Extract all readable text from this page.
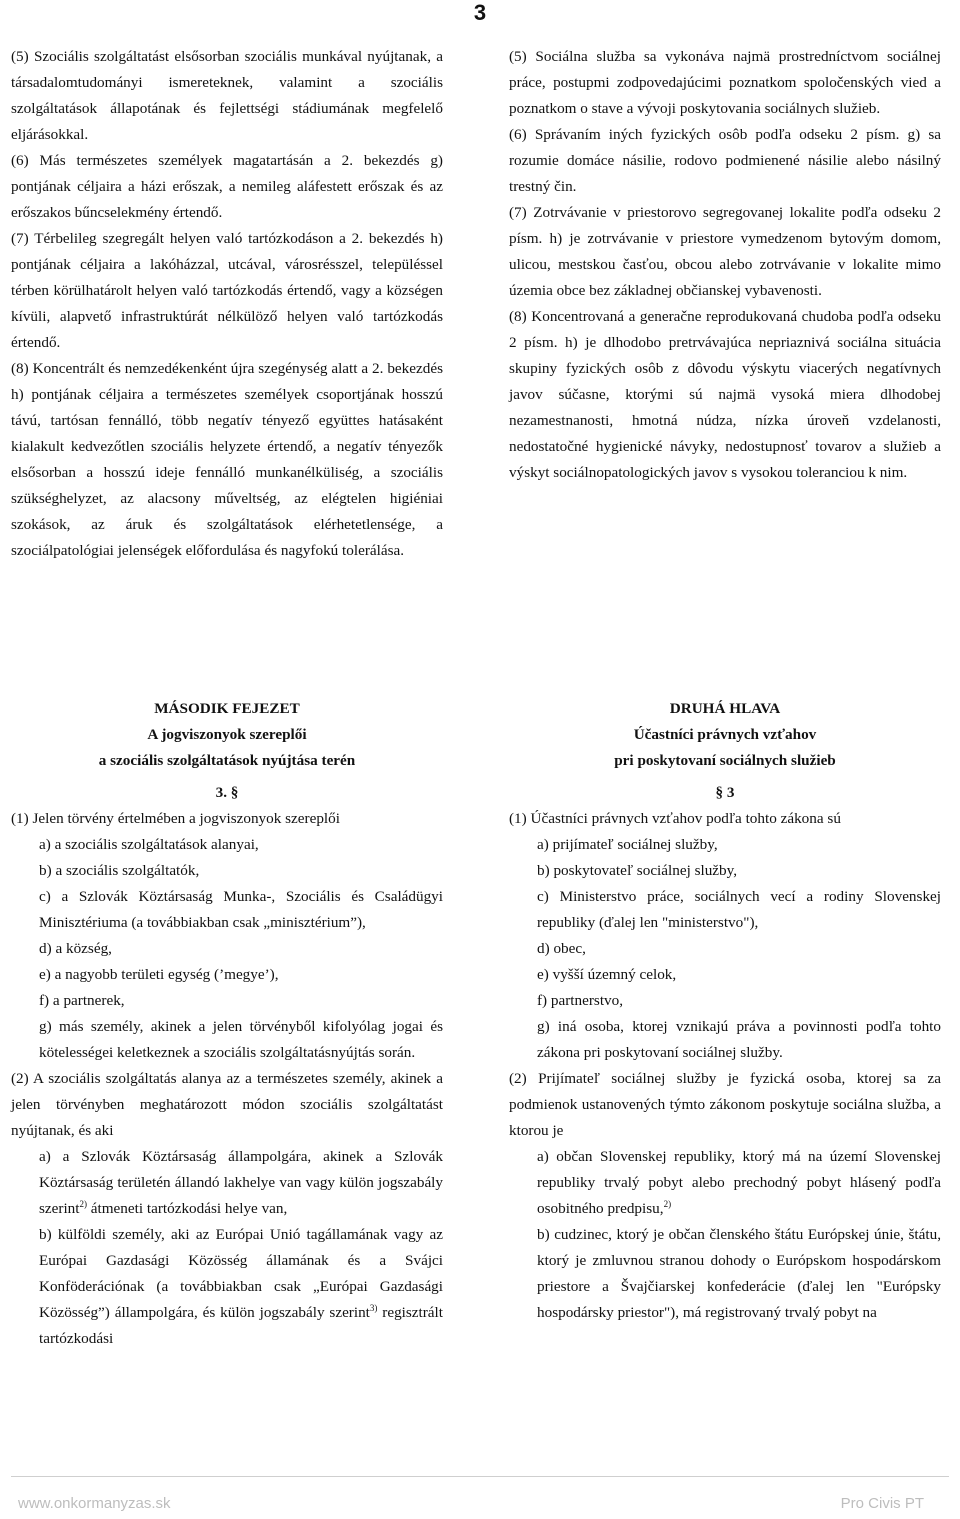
3

(5) Szociális szolgáltatást elsősorban szociális munkával nyújtanak, a társadalomtudományi ismereteknek, valamint a szociális szolgáltatások állapotának és fejlettségi stádiumának megfelelő eljárásokkal.

(6) Más természetes személyek magatartásán a 2. bekezdés g) pontjának céljaira a házi erőszak, a nemileg aláfestett erőszak és az erőszakos bűncselekmény értendő.

(7) Térbelileg szegregált helyen való tartózkodáson a 2. bekezdés h) pontjának céljaira a lakóházzal, utcával, városrésszel, településsel térben körülhatárolt helyen való tartózkodás értendő, vagy a községen kívüli, alapvető infrastruktúrát nélkülöző helyen való tartózkodás értendő.

(8) Koncentrált és nemzedékenként újra szegénység alatt a 2. bekezdés h) pontjának céljaira a természetes személyek csoportjának hosszú távú, tartósan fennálló, több negatív tényező együttes hatásaként kialakult kedvezőtlen szociális helyzete értendő, a negatív tényezők elsősorban a hosszú ideje fennálló munkanélküliség, a szociális szükséghelyzet, az alacsony műveltség, az elégtelen higiéniai szokások, az áruk és szolgáltatások elérhetetlensége, a szociálpatológiai jelenségek előfordulása és nagyfokú tolerálása.

(5) Sociálna služba sa vykonáva najmä prostredníctvom sociálnej práce, postupmi zodpovedajúcimi poznatkom spoločenských vied a poznatkom o stave a vývoji poskytovania sociálnych služieb.

(6) Správaním iných fyzických osôb podľa odseku 2 písm. g) sa rozumie domáce násilie, rodovo podmienené násilie alebo násilný trestný čin.

(7) Zotrvávanie v priestorovo segregovanej lokalite podľa odseku 2 písm. h) je zotrvávanie v priestore vymedzenom bytovým domom, ulicou, mestskou časťou, obcou alebo zotrvávanie v lokalite mimo územia obce bez základnej občianskej vybavenosti.

(8) Koncentrovaná a generačne reprodukovaná chudoba podľa odseku 2 písm. h) je dlhodobo pretrvávajúca nepriaznivá sociálna situácia skupiny fyzických osôb z dôvodu výskytu viacerých negatívnych javov súčasne, ktorými sú najmä vysoká miera dlhodobej nezamestnanosti, hmotná núdza, nízka úroveň vzdelanosti, nedostatočné hygienické návyky, nedostupnosť tovarov a služieb a výskyt sociálnopatologických javov s vysokou toleranciou k nim.

MÁSODIK FEJEZET
A jogviszonyok szereplői
a szociális szolgáltatások nyújtása terén
DRUHÁ HLAVA
Účastníci právnych vzťahov
pri poskytovaní sociálnych služieb
3. §

(1) Jelen törvény értelmében a jogviszonyok szereplői

a) a szociális szolgáltatások alanyai,

b) a szociális szolgáltatók,

c) a Szlovák Köztársaság Munka-, Szociális és Családügyi Minisztériuma (a továbbiakban csak „minisztérium”),

d) a község,

e) a nagyobb területi egység (’megye’),

f) a partnerek,

g) más személy, akinek a jelen törvényből kifolyólag jogai és kötelességei keletkeznek a szociális szolgáltatásnyújtás során.

(2) A szociális szolgáltatás alanya az a természetes személy, akinek a jelen törvényben meghatározott módon szociális szolgáltatást nyújtanak, és aki

a) a Szlovák Köztársaság állampolgára, akinek a Szlovák Köztársaság területén állandó lakhelye van vagy külön jogszabály szerint$^{2)}$ átmeneti tartózkodási helye van,

b) külföldi személy, aki az Európai Unió tagállamának vagy az Európai Gazdasági Közösség államának és a Svájci Konföderációnak (a továbbiakban csak „Európai Gazdasági Közösség”) állampolgára, és külön jogszabály szerint$^{3)}$ regisztrált tartózkodási

§ 3

(1) Účastníci právnych vzťahov podľa tohto zákona sú

a) prijímateľ sociálnej služby,

b) poskytovateľ sociálnej služby,

c) Ministerstvo práce, sociálnych vecí a rodiny Slovenskej republiky (ďalej len "ministerstvo"),

d) obec,

e) vyšší územný celok,

f) partnerstvo,

g) iná osoba, ktorej vznikajú práva a povinnosti podľa tohto zákona pri poskytovaní sociálnej služby.

(2) Prijímateľ sociálnej služby je fyzická osoba, ktorej sa za podmienok ustanovených týmto zákonom poskytuje sociálna služba, a ktorou je

a) občan Slovenskej republiky, ktorý má na území Slovenskej republiky trvalý pobyt alebo prechodný pobyt hlásený podľa osobitného predpisu,$^{2)}$

b) cudzinec, ktorý je občan členského štátu Európskej únie, štátu, ktorý je zmluvnou stranou dohody o Európskom hospodárskom priestore a Švajčiarskej konfederácie (ďalej len "Európsky hospodársky priestor"), má registrovaný trvalý pobyt na

www.onkormanyzas.sk	Pro Civis PT
